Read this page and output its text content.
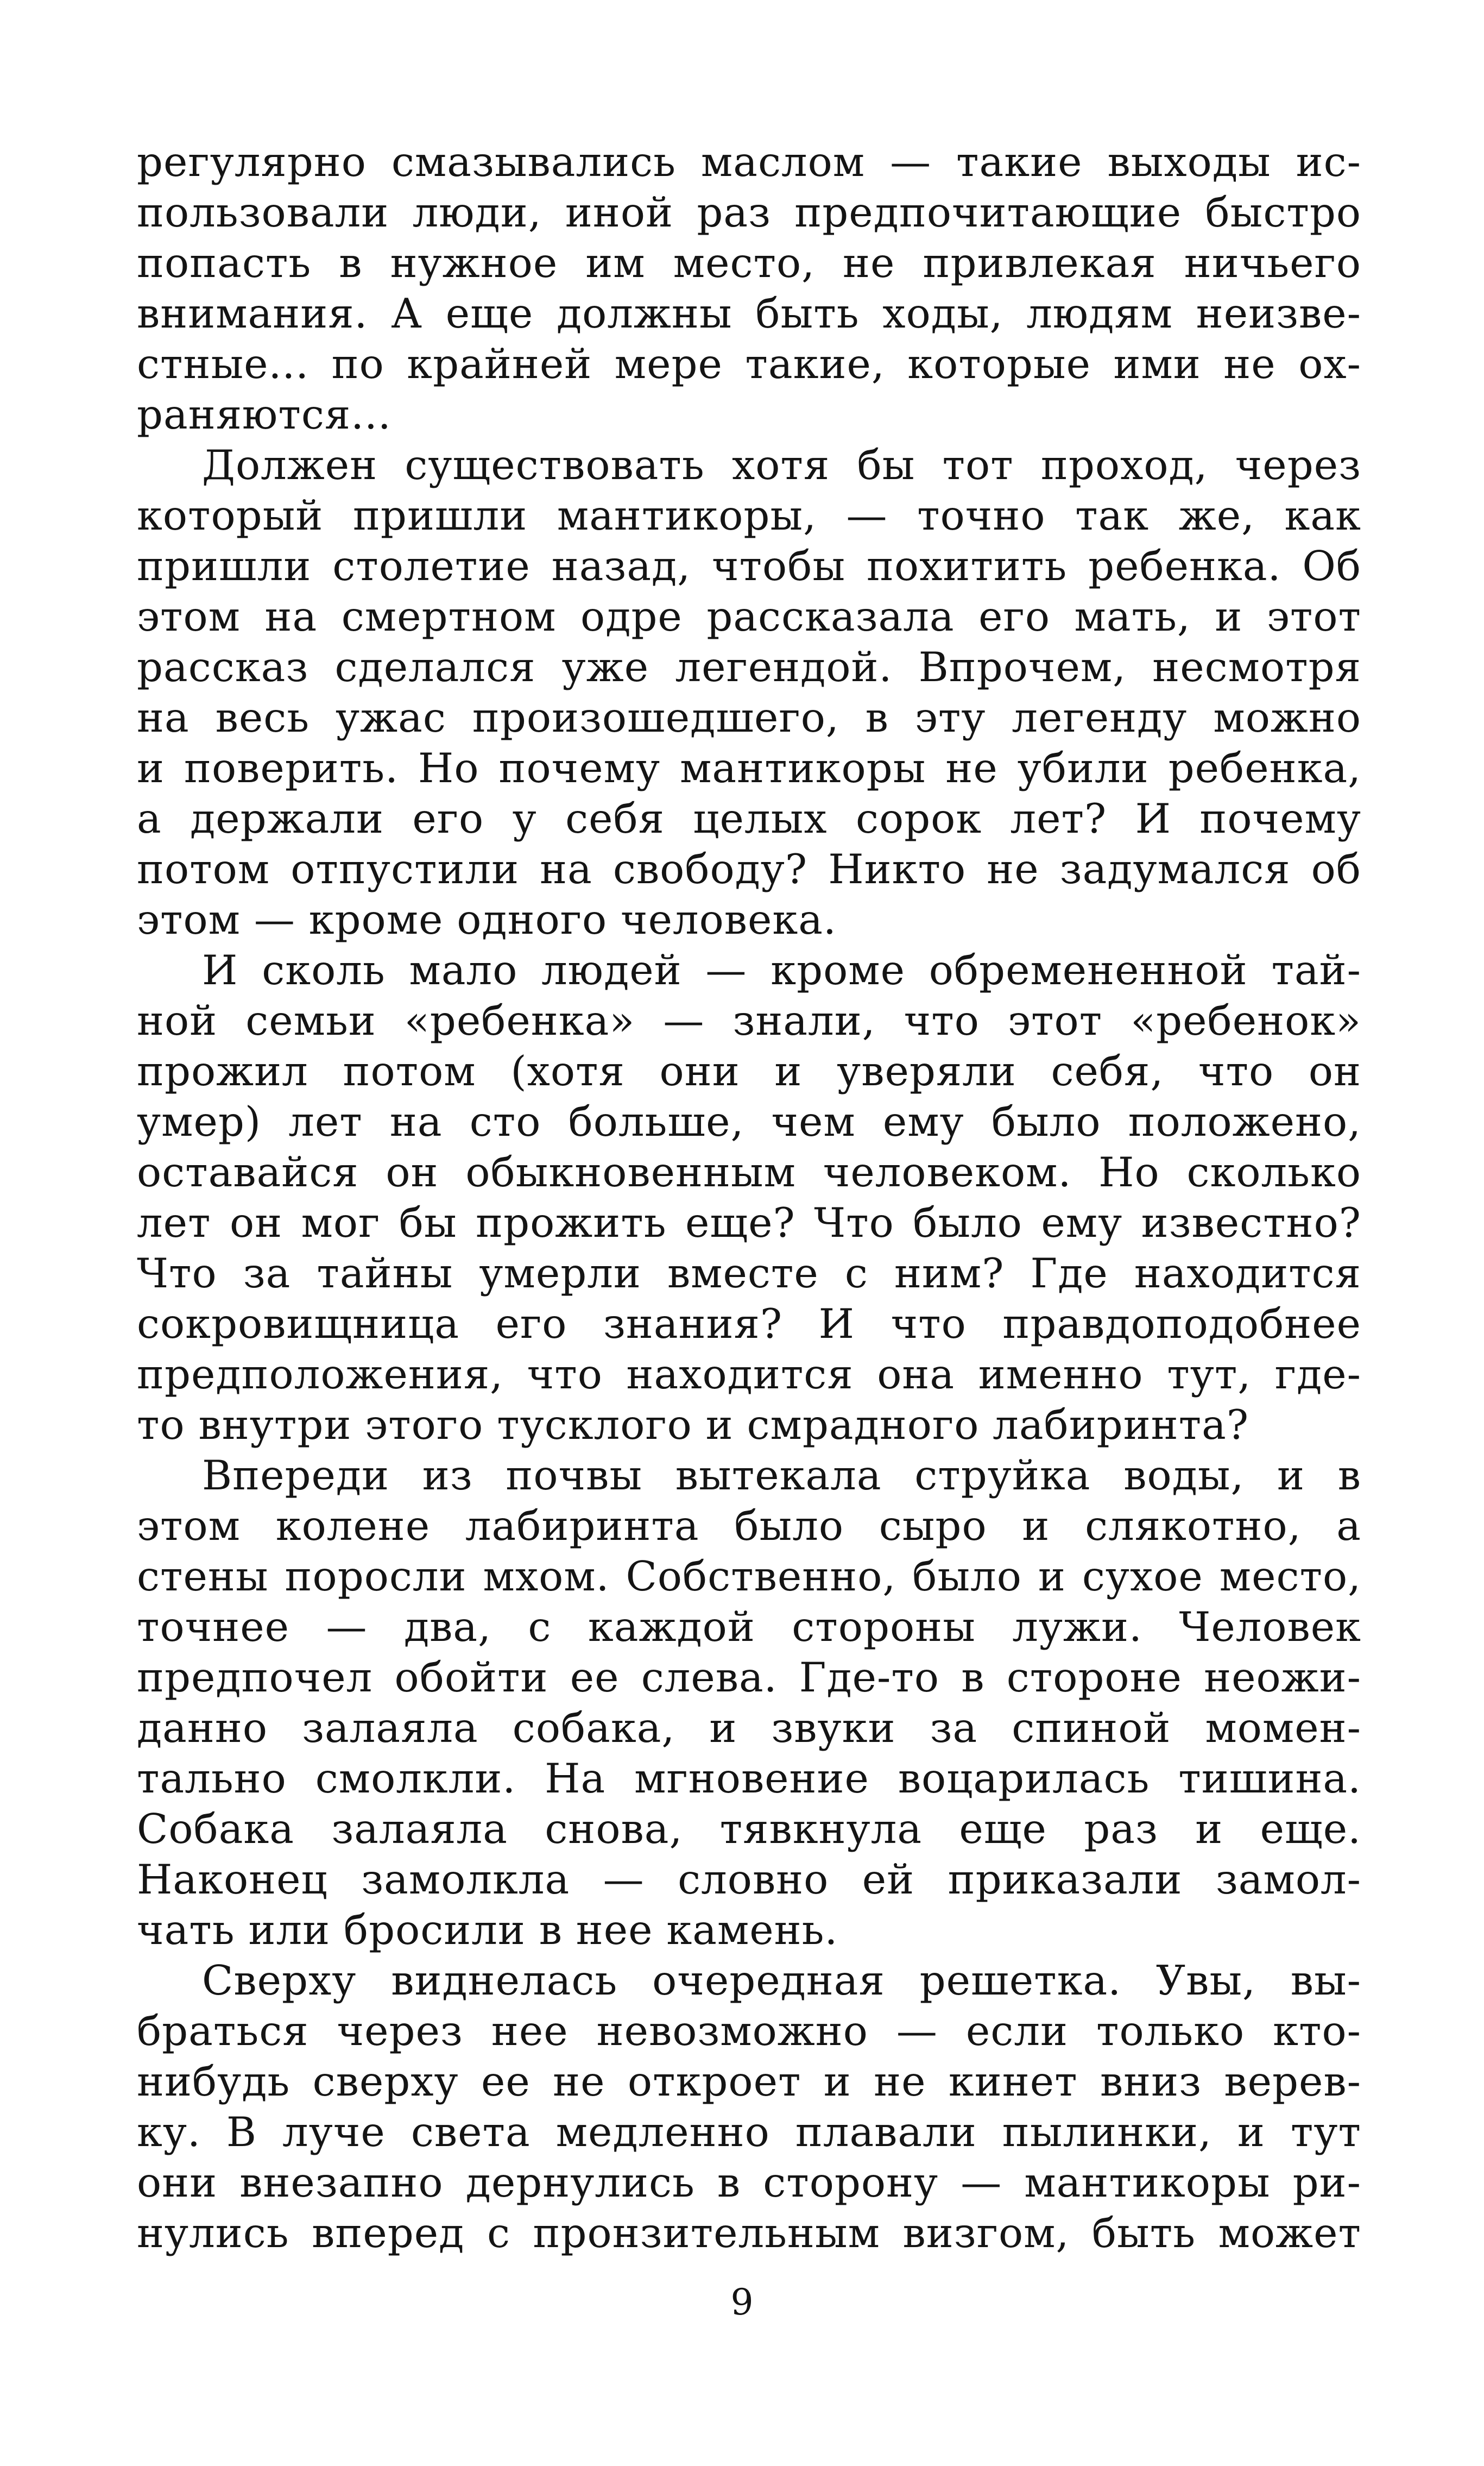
регулярно смазывались маслом — такие выходы ис-
пользовали люди, иной раз предпочитающие быстро
попасть в нужное им место, не привлекая ничьего
внимания. А еще должны быть ходы, людям неизве-
стные... по крайней мере такие, которые ими не ох-
раняются...
Должен существовать хотя бы тот проход, через
который пришли мантикоры, — точно так же, как
пришли столетие назад, чтобы похитить ребенка. Об
этом на смертном одре рассказала его мать, и этот
рассказ сделался уже легендой. Впрочем, несмотря
на весь ужас произошедшего, в эту легенду можно
и поверить. Но почему мантикоры не убили ребенка,
а держали его у себя целых сорок лет? И почему
потом отпустили на свободу? Никто не задумался об
этом — кроме одного человека.
И сколь мало людей — кроме обремененной тай-
ной семьи «ребенка» — знали, что этот «ребенок»
прожил потом (хотя они и уверяли себя, что он
умер) лет на сто больше, чем ему было положено,
оставайся он обыкновенным человеком. Но сколько
лет он мог бы прожить еще? Что было ему известно?
Что за тайны умерли вместе с ним? Где находится
сокровищница его знания? И что правдоподобнее
предположения, что находится она именно тут, где-
то внутри этого тусклого и смрадного лабиринта?
Впереди из почвы вытекала струйка воды, и в
этом колене лабиринта было сыро и слякотно, а
стены поросли мхом. Собственно, было и сухое место,
точнее — два, с каждой стороны лужи. Человек
предпочел обойти ее слева. Где-то в стороне неожи-
данно залаяла собака, и звуки за спиной момен-
тально смолкли. На мгновение воцарилась тишина.
Собака залаяла снова, тявкнула еще раз и еще.
Наконец замолкла — словно ей приказали замол-
чать или бросили в нее камень.
Сверху виднелась очередная решетка. Увы, вы-
браться через нее невозможно — если только кто-
нибудь сверху ее не откроет и не кинет вниз верев-
ку. В луче света медленно плавали пылинки, и тут
они внезапно дернулись в сторону — мантикоры ри-
нулись вперед с пронзительным визгом, быть может
9
